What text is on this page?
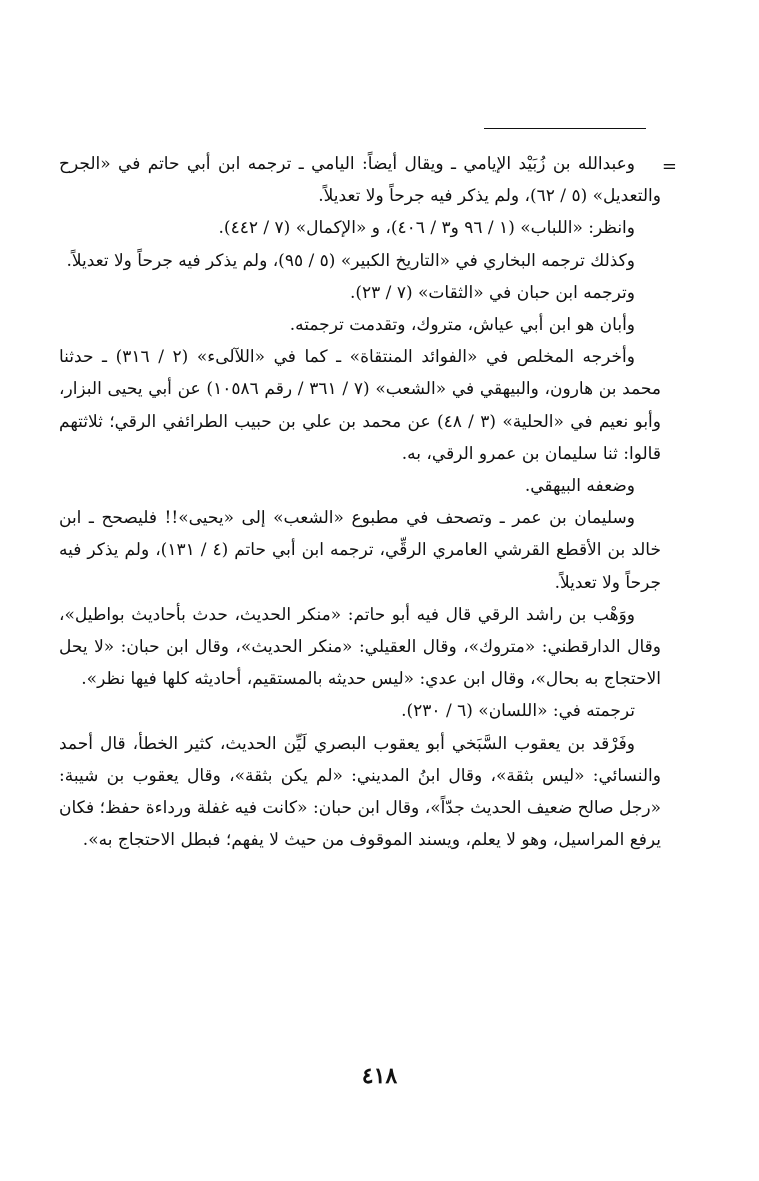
=

وعبدالله بن زُبَيْد الإيامي ـ ويقال أيضاً: اليامي ـ ترجمه ابن أبي حاتم في «الجرح والتعديل» (٥ / ٦٢)، ولم يذكر فيه جرحاً ولا تعديلاً.

وانظر: «اللباب» (١ / ٩٦ و٣ / ٤٠٦)، و «الإكمال» (٧ / ٤٤٢).

وكذلك ترجمه البخاري في «التاريخ الكبير» (٥ / ٩٥)، ولم يذكر فيه جرحاً ولا تعديلاً.

وترجمه ابن حبان في «الثقات» (٧ / ٢٣).

وأبان هو ابن أبي عياش، متروك، وتقدمت ترجمته.

وأخرجه المخلص في «الفوائد المنتقاة» ـ كما في «اللآلىء» (٢ / ٣١٦) ـ حدثنا محمد بن هارون، والبيهقي في «الشعب» (٧ / ٣٦١ / رقم ١٠٥٨٦) عن أبي يحيى البزار، وأبو نعيم في «الحلية» (٣ / ٤٨) عن محمد بن علي بن حبيب الطرائفي الرقي؛ ثلاثتهم قالوا: ثنا سليمان بن عمرو الرقي، به.

وضعفه البيهقي.

وسليمان بن عمر ـ وتصحف في مطبوع «الشعب» إلى «يحيى»!! فليصحح ـ ابن خالد بن الأقطع القرشي العامري الرقِّي، ترجمه ابن أبي حاتم (٤ / ١٣١)، ولم يذكر فيه جرحاً ولا تعديلاً.

ووَهْب بن راشد الرقي قال فيه أبو حاتم: «منكر الحديث، حدث بأحاديث بواطيل»، وقال الدارقطني: «متروك»، وقال العقيلي: «منكر الحديث»، وقال ابن حبان: «لا يحل الاحتجاج به بحال»، وقال ابن عدي: «ليس حديثه بالمستقيم، أحاديثه كلها فيها نظر».

ترجمته في: «اللسان» (٦ / ٢٣٠).

وفَرْقد بن يعقوب السَّبَخي أبو يعقوب البصري لَيِّن الحديث، كثير الخطأ، قال أحمد والنسائي: «ليس بثقة»، وقال ابنُ المديني: «لم يكن بثقة»، وقال يعقوب بن شيبة: «رجل صالح ضعيف الحديث جدّاً»، وقال ابن حبان: «كانت فيه غفلة ورداءة حفظ؛ فكان يرفع المراسيل، وهو لا يعلم، ويسند الموقوف من حيث لا يفهم؛ فبطل الاحتجاج به».

٤١٨
